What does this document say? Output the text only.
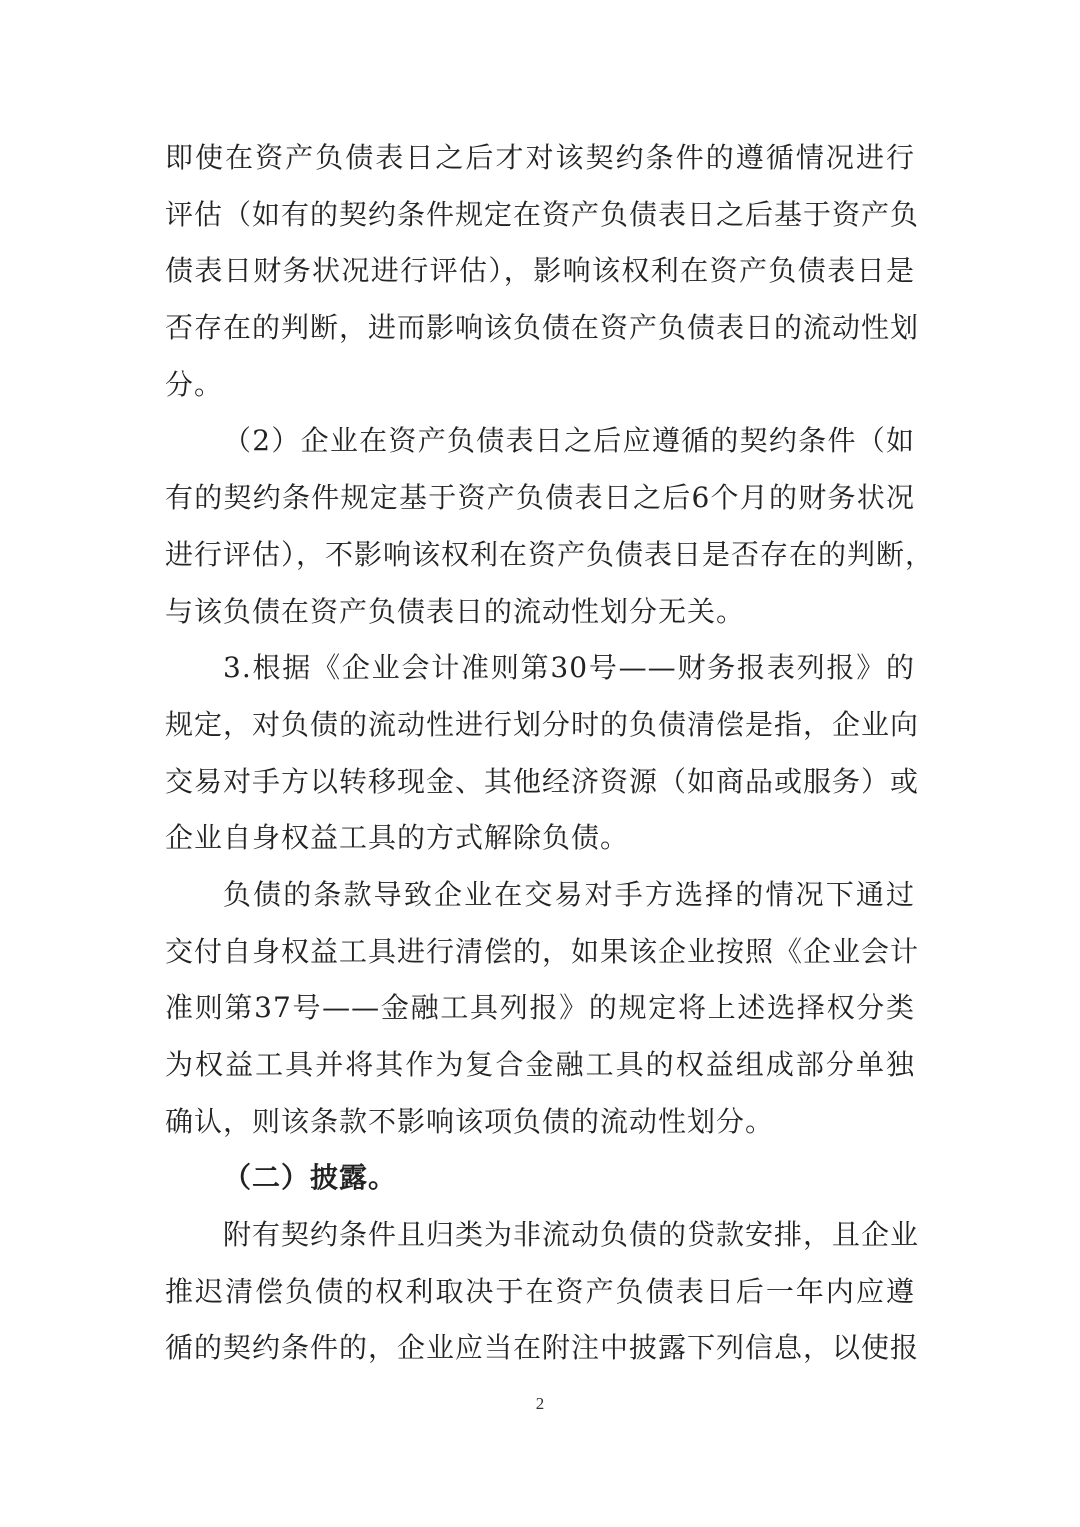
即使在资产负债表日之后才对该契约条件的遵循情况进行
评估（如有的契约条件规定在资产负债表日之后基于资产负
债表日财务状况进行评估），影响该权利在资产负债表日是
否存在的判断，进而影响该负债在资产负债表日的流动性划
分。
（2）企业在资产负债表日之后应遵循的契约条件（如
有的契约条件规定基于资产负债表日之后6个月的财务状况
进行评估），不影响该权利在资产负债表日是否存在的判断，
与该负债在资产负债表日的流动性划分无关。
3.根据《企业会计准则第30号——财务报表列报》的
规定，对负债的流动性进行划分时的负债清偿是指，企业向
交易对手方以转移现金、其他经济资源（如商品或服务）或
企业自身权益工具的方式解除负债。
负债的条款导致企业在交易对手方选择的情况下通过
交付自身权益工具进行清偿的，如果该企业按照《企业会计
准则第37号——金融工具列报》的规定将上述选择权分类
为权益工具并将其作为复合金融工具的权益组成部分单独
确认，则该条款不影响该项负债的流动性划分。
（二）披露。
附有契约条件且归类为非流动负债的贷款安排，且企业
推迟清偿负债的权利取决于在资产负债表日后一年内应遵
循的契约条件的，企业应当在附注中披露下列信息，以使报
2
